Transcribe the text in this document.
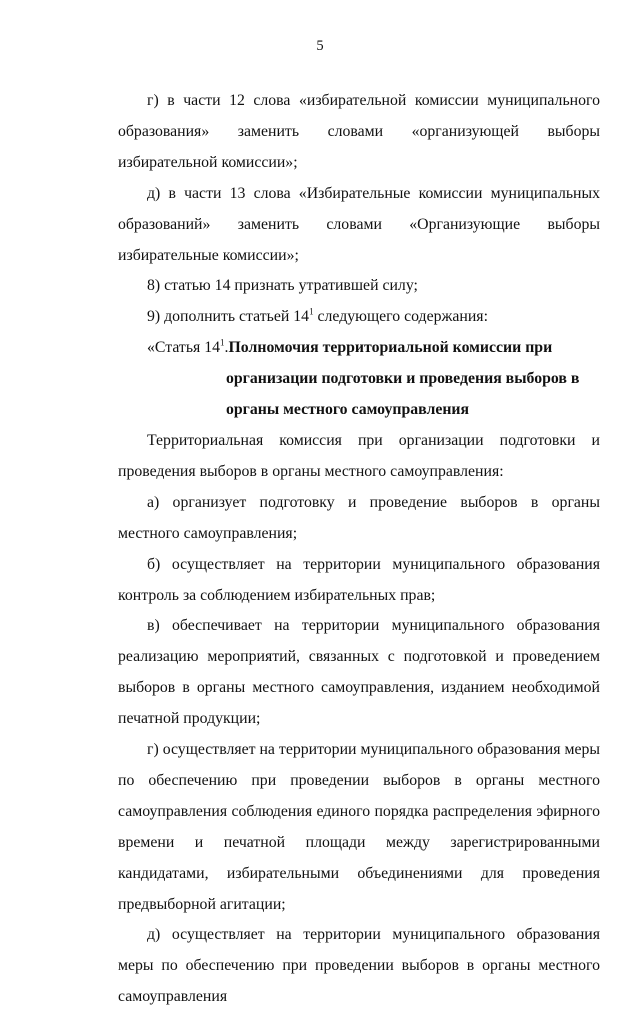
5

г) в части 12 слова «избирательной комиссии муниципального образования» заменить словами «организующей выборы избирательной комиссии»;

д) в части 13 слова «Избирательные комиссии муниципальных образований» заменить словами «Организующие выборы избирательные комиссии»;

8) статью 14 признать утратившей силу;

9) дополнить статьей $14^1$ следующего содержания:

«Статья $14^1$. Полномочия территориальной комиссии при

организации подготовки и проведения выборов в

органы местного самоуправления

Территориальная комиссия при организации подготовки и проведения выборов в органы местного самоуправления:

а) организует подготовку и проведение выборов в органы местного самоуправления;

б) осуществляет на территории муниципального образования контроль за соблюдением избирательных прав;

в) обеспечивает на территории муниципального образования реализацию мероприятий, связанных с подготовкой и проведением выборов в органы местного самоуправления, изданием необходимой печатной продукции;

г) осуществляет на территории муниципального образования меры по обеспечению при проведении выборов в органы местного самоуправления соблюдения единого порядка распределения эфирного времени и печатной площади между зарегистрированными кандидатами, избирательными объединениями для проведения предвыборной агитации;

д) осуществляет на территории муниципального образования меры по обеспечению при проведении выборов в органы местного самоуправления
